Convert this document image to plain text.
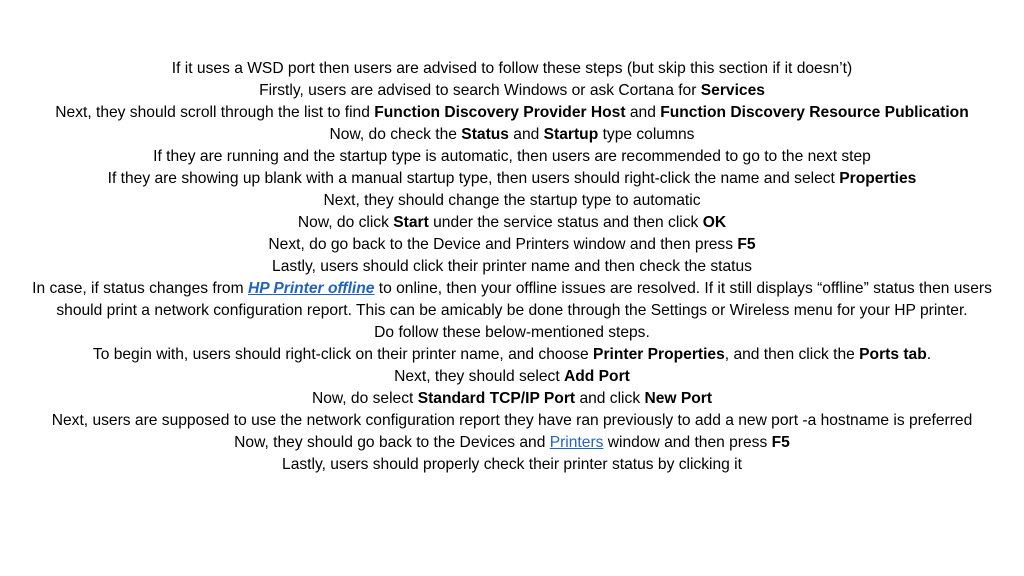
If it uses a WSD port then users are advised to follow these steps (but skip this section if it doesn’t)
Firstly, users are advised to search Windows or ask Cortana for Services
Next, they should scroll through the list to find Function Discovery Provider Host and Function Discovery Resource Publication
Now, do check the Status and Startup type columns
If they are running and the startup type is automatic, then users are recommended to go to the next step
If they are showing up blank with a manual startup type, then users should right-click the name and select Properties
Next, they should change the startup type to automatic
Now, do click Start under the service status and then click OK
Next, do go back to the Device and Printers window and then press F5
Lastly, users should click their printer name and then check the status
In case, if status changes from HP Printer offline to online, then your offline issues are resolved. If it still displays “offline” status then users should print a network configuration report. This can be amicably be done through the Settings or Wireless menu for your HP printer.
Do follow these below-mentioned steps.
To begin with, users should right-click on their printer name, and choose Printer Properties, and then click the Ports tab.
Next, they should select Add Port
Now, do select Standard TCP/IP Port and click New Port
Next, users are supposed to use the network configuration report they have ran previously to add a new port -a hostname is preferred
Now, they should go back to the Devices and Printers window and then press F5
Lastly, users should properly check their printer status by clicking it
